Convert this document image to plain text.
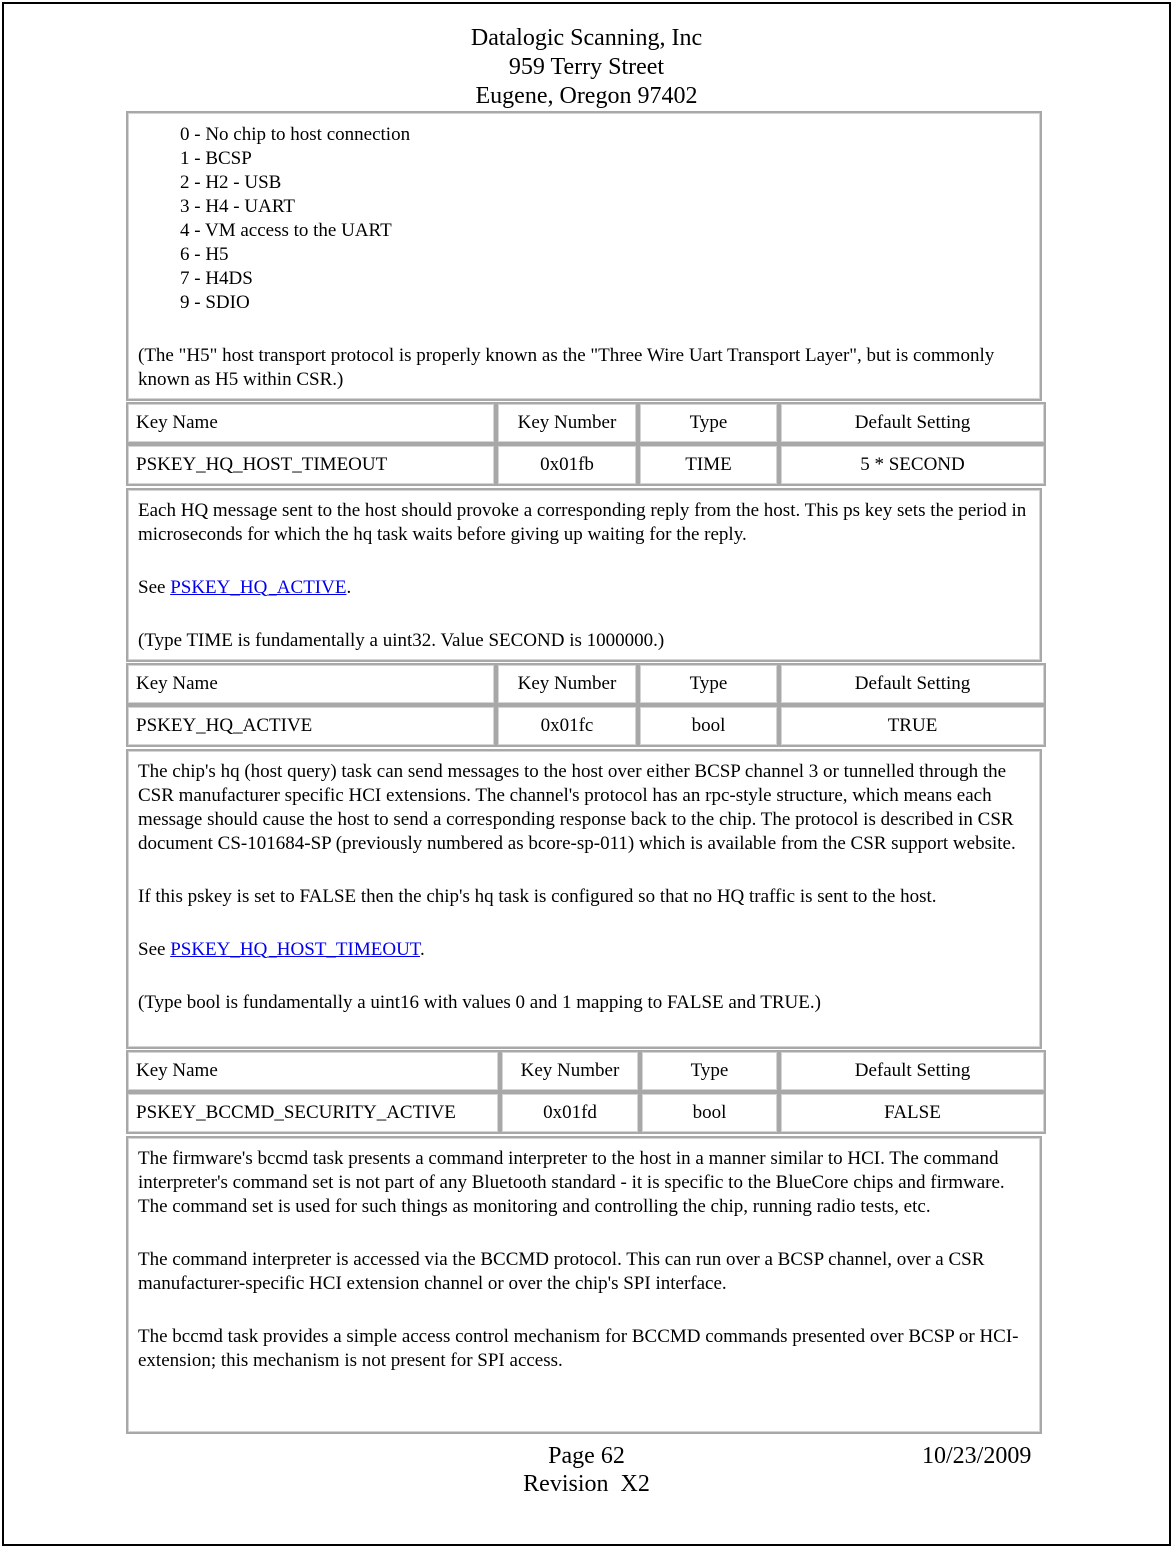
Datalogic Scanning, Inc
959 Terry Street
Eugene, Oregon 97402

0 - No chip to host connection

1 - BCSP

2 - H2 - USB

3 - H4 - UART

4 - VM access to the UART

6 - H5

7 - H4DS

9 - SDIO

(The "H5" host transport protocol is properly known as the "Three Wire Uart Transport Layer", but is commonly known as H5 within CSR.)

Key Name	Key Number	Type	Default Setting
PSKEY_HQ_HOST_TIMEOUT	0x01fb	TIME	5 * SECOND

Each HQ message sent to the host should provoke a corresponding reply from the host. This ps key sets the period in microseconds for which the hq task waits before giving up waiting for the reply.

See PSKEY_HQ_ACTIVE.

(Type TIME is fundamentally a uint32. Value SECOND is 1000000.)

Key Name	Key Number	Type	Default Setting
PSKEY_HQ_ACTIVE	0x01fc	bool	TRUE

The chip's hq (host query) task can send messages to the host over either BCSP channel 3 or tunnelled through the CSR manufacturer specific HCI extensions. The channel's protocol has an rpc-style structure, which means each message should cause the host to send a corresponding response back to the chip. The protocol is described in CSR document CS-101684-SP (previously numbered as bcore-sp-011) which is available from the CSR support website.

If this pskey is set to FALSE then the chip's hq task is configured so that no HQ traffic is sent to the host.

See PSKEY_HQ_HOST_TIMEOUT.

(Type bool is fundamentally a uint16 with values 0 and 1 mapping to FALSE and TRUE.)

Key Name	Key Number	Type	Default Setting
PSKEY_BCCMD_SECURITY_ACTIVE	0x01fd	bool	FALSE

The firmware's bccmd task presents a command interpreter to the host in a manner similar to HCI. The command interpreter's command set is not part of any Bluetooth standard - it is specific to the BlueCore chips and firmware. The command set is used for such things as monitoring and controlling the chip, running radio tests, etc.

The command interpreter is accessed via the BCCMD protocol. This can run over a BCSP channel, over a CSR manufacturer-specific HCI extension channel or over the chip's SPI interface.

The bccmd task provides a simple access control mechanism for BCCMD commands presented over BCSP or HCI-extension; this mechanism is not present for SPI access.

Page 62	10/23/2009
Revision  X2
